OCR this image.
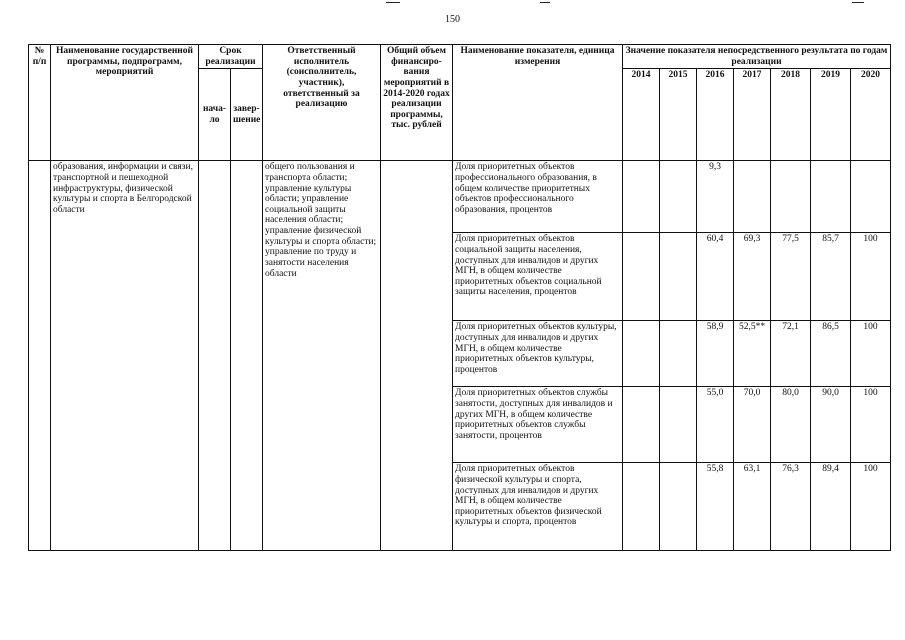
150
№ п/п	Наименование государственной программы, подпрограмм, мероприятий	Срок реализации		Ответственный исполнитель (соисполнитель, участник), ответственный за реализацию	Общий объем финансиро-вания мероприятий в 2014-2020 годах реализации программы, тыс. рублей	Наименование показателя, единица измерения	Значение показателя непосредственного результата по годам реализации						
		нача-ло	завер-шение				2014	2015	2016	2017	2018	2019	2020

	образования, информации и связи, транспортной и пешеходной инфраструктуры, физической культуры и спорта в Белгородской области			общего пользования и транспорта области; управление культуры области; управление социальной защиты населения области; управление физической культуры и спорта области; управление по труду и занятости населения области		Доля приоритетных объектов профессионального образования, в общем количестве приоритетных объектов профессионального образования, процентов			9,3				
						Доля приоритетных объектов социальной защиты населения, доступных для инвалидов и других МГН, в общем количестве приоритетных объектов социальной защиты населения, процентов			60,4	69,3	77,5	85,7	100
						Доля приоритетных объектов культуры, доступных для инвалидов и других МГН, в общем количестве приоритетных объектов культуры, процентов			58,9	52,5**	72,1	86,5	100
						Доля приоритетных объектов службы занятости, доступных для инвалидов и других МГН, в общем количестве приоритетных объектов службы занятости, процентов			55,0	70,0	80,0	90,0	100
						Доля приоритетных объектов физической культуры и спорта, доступных для инвалидов и других МГН, в общем количестве приоритетных объектов физической культуры и спорта, процентов			55,8	63,1	76,3	89,4	100
